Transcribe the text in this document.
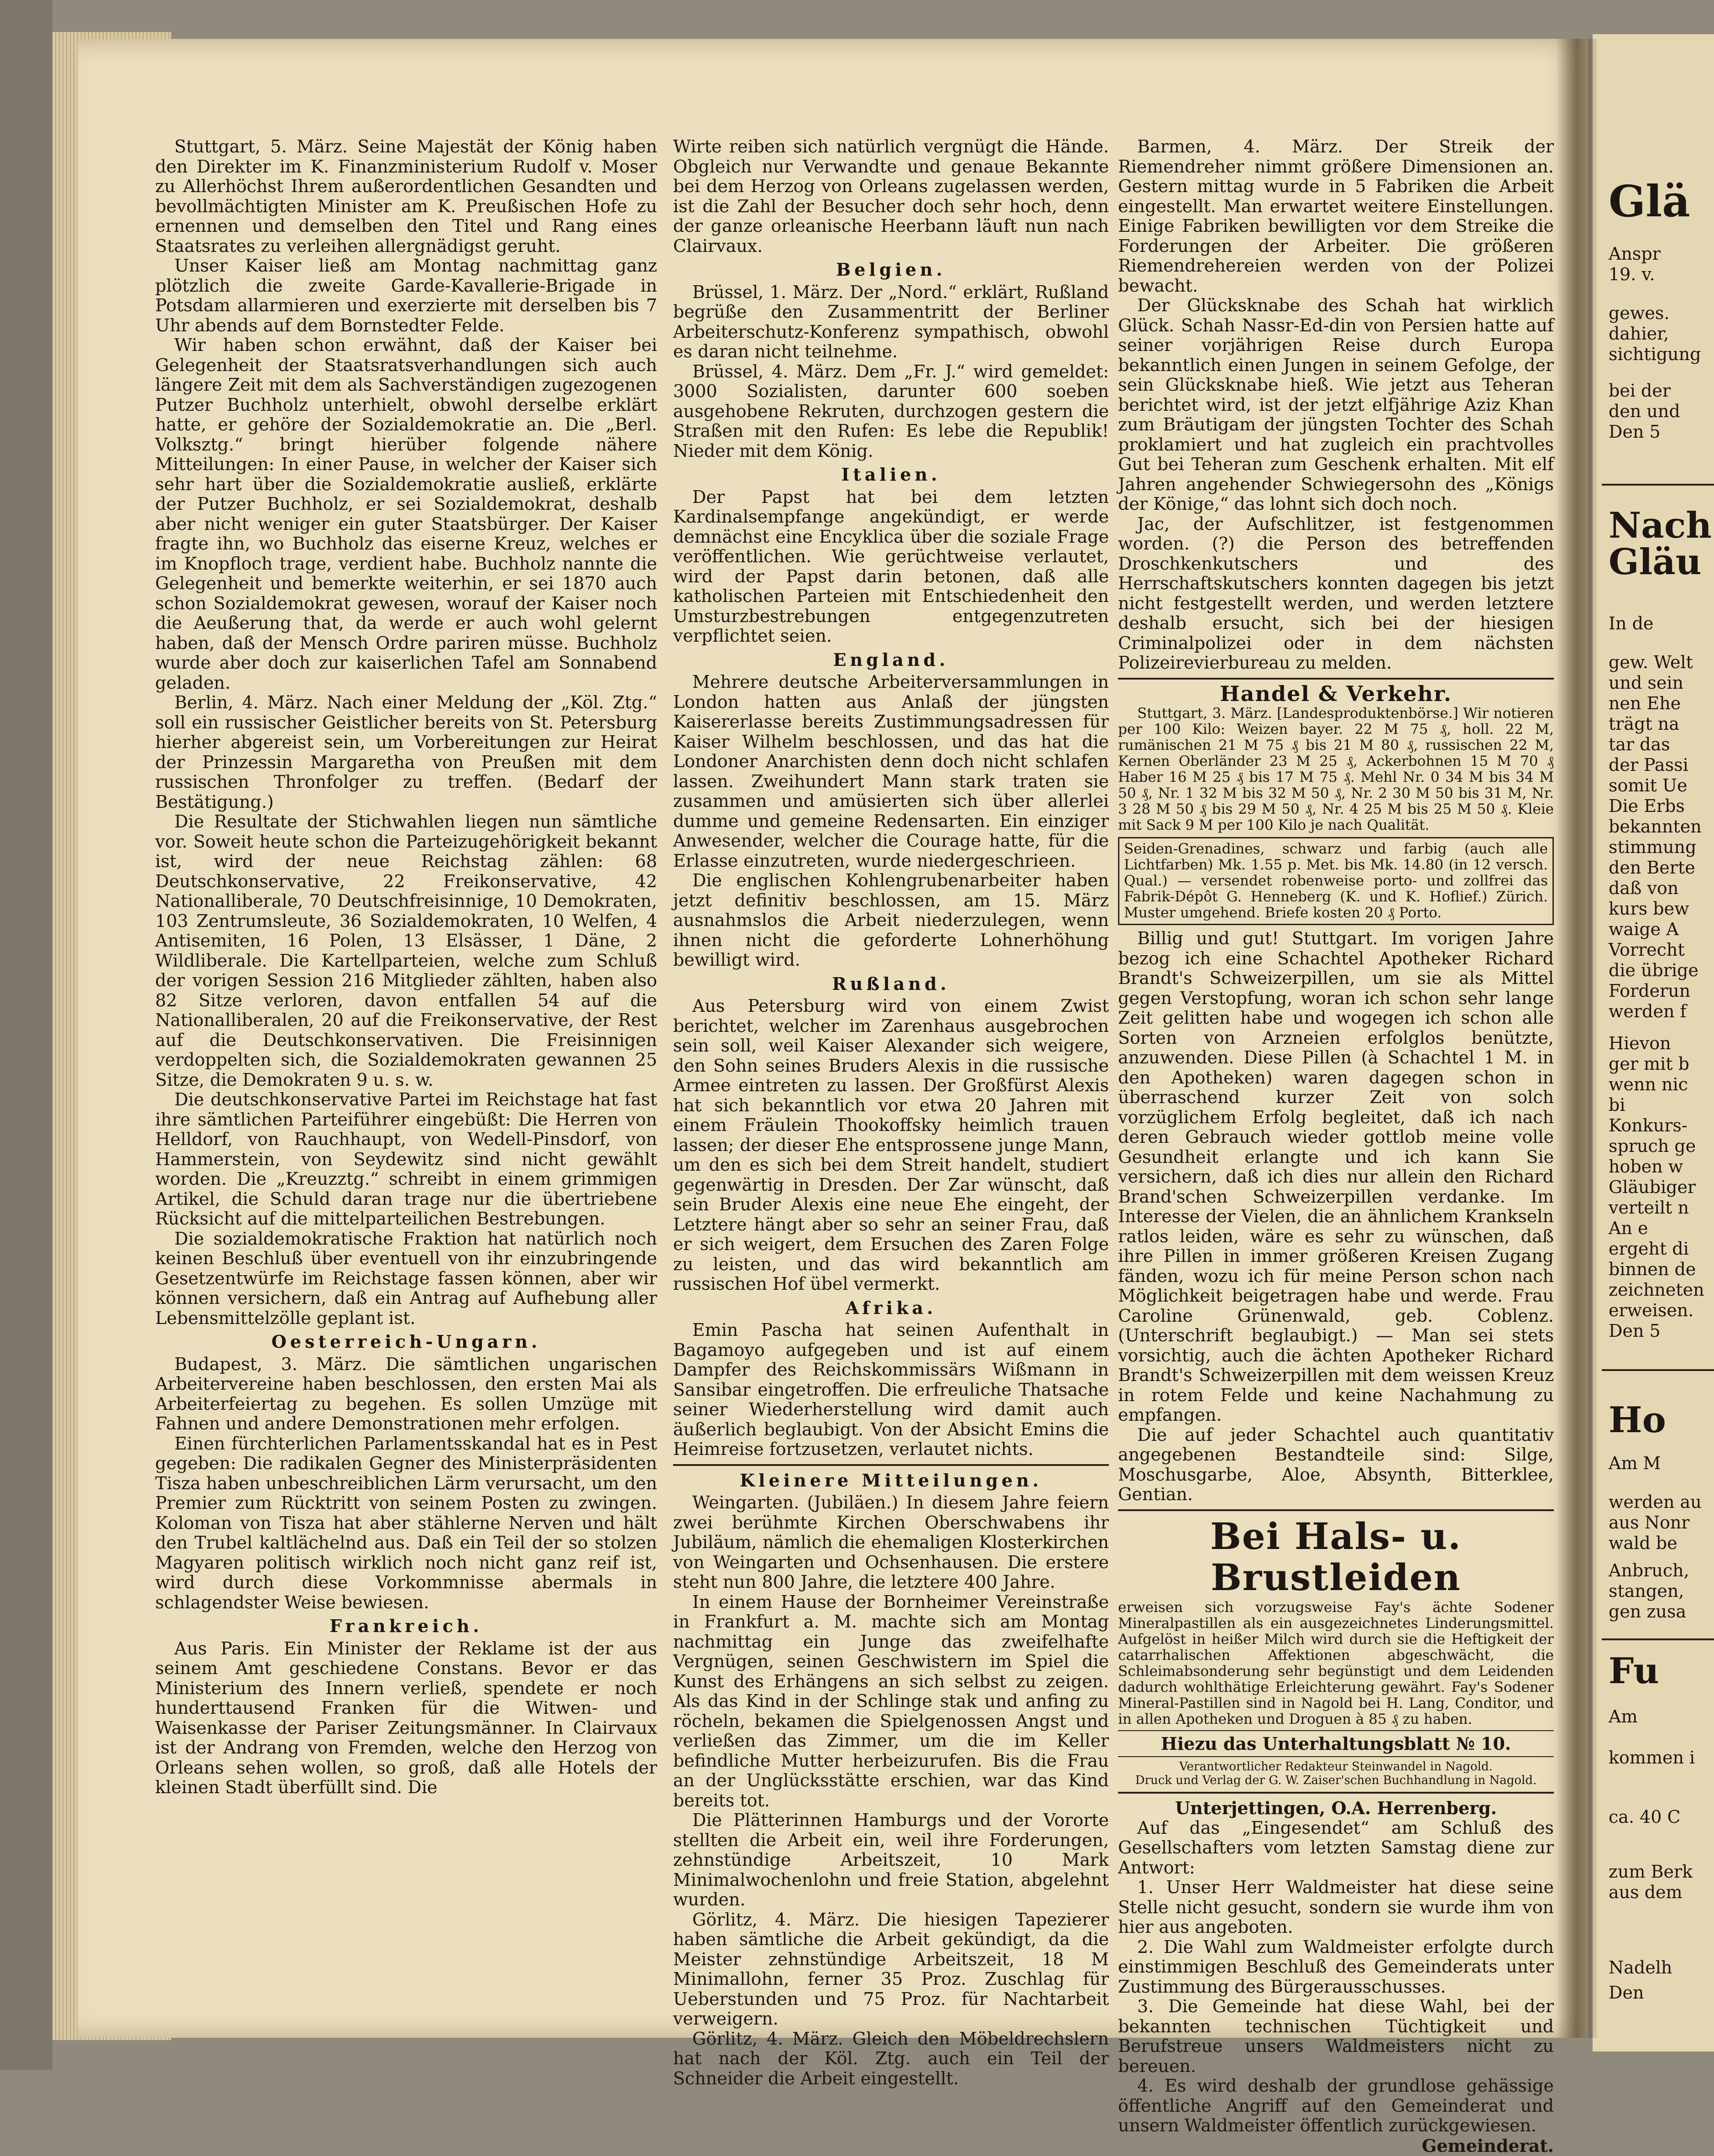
Stuttgart, 5. März. Seine Majestät der König haben den Direkter im K. Finanzministerium Rudolf v. Moser zu Allerhöchst Ihrem außerordentlichen Gesandten und bevollmächtigten Minister am K. Preußischen Hofe zu ernennen und demselben den Titel und Rang eines Staatsrates zu verleihen allergnädigst geruht.

Unser Kaiser ließ am Montag nachmittag ganz plötzlich die zweite Garde-Kavallerie-Brigade in Potsdam allarmieren und exerzierte mit derselben bis 7 Uhr abends auf dem Bornstedter Felde.

Wir haben schon erwähnt, daß der Kaiser bei Gelegenheit der Staatsratsverhandlungen sich auch längere Zeit mit dem als Sachverständigen zugezogenen Putzer Buchholz unterhielt, obwohl derselbe erklärt hatte, er gehöre der Sozialdemokratie an. Die „Berl. Volksztg.“ bringt hierüber folgende nähere Mitteilungen: In einer Pause, in welcher der Kaiser sich sehr hart über die Sozialdemokratie ausließ, erklärte der Putzer Buchholz, er sei Sozialdemokrat, deshalb aber nicht weniger ein guter Staatsbürger. Der Kaiser fragte ihn, wo Buchholz das eiserne Kreuz, welches er im Knopfloch trage, verdient habe. Buchholz nannte die Gelegenheit und bemerkte weiterhin, er sei 1870 auch schon Sozialdemokrat gewesen, worauf der Kaiser noch die Aeußerung that, da werde er auch wohl gelernt haben, daß der Mensch Ordre pariren müsse. Buchholz wurde aber doch zur kaiserlichen Tafel am Sonnabend geladen.

Berlin, 4. März. Nach einer Meldung der „Köl. Ztg.“ soll ein russischer Geistlicher bereits von St. Petersburg hierher abgereist sein, um Vorbereitungen zur Heirat der Prinzessin Margaretha von Preußen mit dem russischen Thronfolger zu treffen. (Bedarf der Bestätigung.)

Die Resultate der Stichwahlen liegen nun sämtliche vor. Soweit heute schon die Parteizugehörigkeit bekannt ist, wird der neue Reichstag zählen: 68 Deutschkonservative, 22 Freikonservative, 42 Nationalliberale, 70 Deutschfreisinnige, 10 Demokraten, 103 Zentrumsleute, 36 Sozialdemokraten, 10 Welfen, 4 Antisemiten, 16 Polen, 13 Elsässer, 1 Däne, 2 Wildliberale. Die Kartellparteien, welche zum Schluß der vorigen Session 216 Mitglieder zählten, haben also 82 Sitze verloren, davon entfallen 54 auf die Nationalliberalen, 20 auf die Freikonservative, der Rest auf die Deutschkonservativen. Die Freisinnigen verdoppelten sich, die Sozialdemokraten gewannen 25 Sitze, die Demokraten 9 u. s. w.

Die deutschkonservative Partei im Reichstage hat fast ihre sämtlichen Parteiführer eingebüßt: Die Herren von Helldorf, von Rauchhaupt, von Wedell-Pinsdorf, von Hammerstein, von Seydewitz sind nicht gewählt worden. Die „Kreuzztg.“ schreibt in einem grimmigen Artikel, die Schuld daran trage nur die übertriebene Rücksicht auf die mittelparteilichen Bestrebungen.

Die sozialdemokratische Fraktion hat natürlich noch keinen Beschluß über eventuell von ihr einzubringende Gesetzentwürfe im Reichstage fassen können, aber wir können versichern, daß ein Antrag auf Aufhebung aller Lebensmittelzölle geplant ist.

Oesterreich-Ungarn.

Budapest, 3. März. Die sämtlichen ungarischen Arbeitervereine haben beschlossen, den ersten Mai als Arbeiterfeiertag zu begehen. Es sollen Umzüge mit Fahnen und andere Demonstrationen mehr erfolgen.

Einen fürchterlichen Parlamentsskandal hat es in Pest gegeben: Die radikalen Gegner des Ministerpräsidenten Tisza haben unbeschreiblichen Lärm verursacht, um den Premier zum Rücktritt von seinem Posten zu zwingen. Koloman von Tisza hat aber stählerne Nerven und hält den Trubel kaltlächelnd aus. Daß ein Teil der so stolzen Magyaren politisch wirklich noch nicht ganz reif ist, wird durch diese Vorkommnisse abermals in schlagendster Weise bewiesen.

Frankreich.

Aus Paris. Ein Minister der Reklame ist der aus seinem Amt geschiedene Constans. Bevor er das Ministerium des Innern verließ, spendete er noch hunderttausend Franken für die Witwen- und Waisenkasse der Pariser Zeitungsmänner. In Clairvaux ist der Andrang von Fremden, welche den Herzog von Orleans sehen wollen, so groß, daß alle Hotels der kleinen Stadt überfüllt sind. Die

Wirte reiben sich natürlich vergnügt die Hände. Obgleich nur Verwandte und genaue Bekannte bei dem Herzog von Orleans zugelassen werden, ist die Zahl der Besucher doch sehr hoch, denn der ganze orleanische Heerbann läuft nun nach Clairvaux.

Belgien.

Brüssel, 1. März. Der „Nord.“ erklärt, Rußland begrüße den Zusammentritt der Berliner Arbeiterschutz-Konferenz sympathisch, obwohl es daran nicht teilnehme.

Brüssel, 4. März. Dem „Fr. J.“ wird gemeldet: 3000 Sozialisten, darunter 600 soeben ausgehobene Rekruten, durchzogen gestern die Straßen mit den Rufen: Es lebe die Republik! Nieder mit dem König.

Italien.

Der Papst hat bei dem letzten Kardinalsempfange angekündigt, er werde demnächst eine Encyklica über die soziale Frage veröffentlichen. Wie gerüchtweise verlautet, wird der Papst darin betonen, daß alle katholischen Parteien mit Entschiedenheit den Umsturzbestrebungen entgegenzutreten verpflichtet seien.

England.

Mehrere deutsche Arbeiterversammlungen in London hatten aus Anlaß der jüngsten Kaisererlasse bereits Zustimmungsadressen für Kaiser Wilhelm beschlossen, und das hat die Londoner Anarchisten denn doch nicht schlafen lassen. Zweihundert Mann stark traten sie zusammen und amüsierten sich über allerlei dumme und gemeine Redensarten. Ein einziger Anwesender, welcher die Courage hatte, für die Erlasse einzutreten, wurde niedergeschrieen.

Die englischen Kohlengrubenarbeiter haben jetzt definitiv beschlossen, am 15. März ausnahmslos die Arbeit niederzulegen, wenn ihnen nicht die geforderte Lohnerhöhung bewilligt wird.

Rußland.

Aus Petersburg wird von einem Zwist berichtet, welcher im Zarenhaus ausgebrochen sein soll, weil Kaiser Alexander sich weigere, den Sohn seines Bruders Alexis in die russische Armee eintreten zu lassen. Der Großfürst Alexis hat sich bekanntlich vor etwa 20 Jahren mit einem Fräulein Thookoffsky heimlich trauen lassen; der dieser Ehe entsprossene junge Mann, um den es sich bei dem Streit handelt, studiert gegenwärtig in Dresden. Der Zar wünscht, daß sein Bruder Alexis eine neue Ehe eingeht, der Letztere hängt aber so sehr an seiner Frau, daß er sich weigert, dem Ersuchen des Zaren Folge zu leisten, und das wird bekanntlich am russischen Hof übel vermerkt.

Afrika.

Emin Pascha hat seinen Aufenthalt in Bagamoyo aufgegeben und ist auf einem Dampfer des Reichskommissärs Wißmann in Sansibar eingetroffen. Die erfreuliche Thatsache seiner Wiederherstellung wird damit auch äußerlich beglaubigt. Von der Absicht Emins die Heimreise fortzusetzen, verlautet nichts.

Kleinere Mitteilungen.

Weingarten. (Jubiläen.) In diesem Jahre feiern zwei berühmte Kirchen Oberschwabens ihr Jubiläum, nämlich die ehemaligen Klosterkirchen von Weingarten und Ochsenhausen. Die erstere steht nun 800 Jahre, die letztere 400 Jahre.

In einem Hause der Bornheimer Vereinstraße in Frankfurt a. M. machte sich am Montag nachmittag ein Junge das zweifelhafte Vergnügen, seinen Geschwistern im Spiel die Kunst des Erhängens an sich selbst zu zeigen. Als das Kind in der Schlinge stak und anfing zu röcheln, bekamen die Spielgenossen Angst und verließen das Zimmer, um die im Keller befindliche Mutter herbeizurufen. Bis die Frau an der Unglücksstätte erschien, war das Kind bereits tot.

Die Plätterinnen Hamburgs und der Vororte stellten die Arbeit ein, weil ihre Forderungen, zehnstündige Arbeitszeit, 10 Mark Minimalwochenlohn und freie Station, abgelehnt wurden.

Görlitz, 4. März. Die hiesigen Tapezierer haben sämtliche die Arbeit gekündigt, da die Meister zehnstündige Arbeitszeit, 18 M Minimallohn, ferner 35 Proz. Zuschlag für Ueberstunden und 75 Proz. für Nachtarbeit verweigern.

Görlitz, 4. März. Gleich den Möbeldrechslern hat nach der Köl. Ztg. auch ein Teil der Schneider die Arbeit eingestellt.

Barmen, 4. März. Der Streik der Riemendreher nimmt größere Dimensionen an. Gestern mittag wurde in 5 Fabriken die Arbeit eingestellt. Man erwartet weitere Einstellungen. Einige Fabriken bewilligten vor dem Streike die Forderungen der Arbeiter. Die größeren Riemendrehereien werden von der Polizei bewacht.

Der Glücksknabe des Schah hat wirklich Glück. Schah Nassr-Ed-din von Persien hatte auf seiner vorjährigen Reise durch Europa bekanntlich einen Jungen in seinem Gefolge, der sein Glücksknabe hieß. Wie jetzt aus Teheran berichtet wird, ist der jetzt elfjährige Aziz Khan zum Bräutigam der jüngsten Tochter des Schah proklamiert und hat zugleich ein prachtvolles Gut bei Teheran zum Geschenk erhalten. Mit elf Jahren angehender Schwiegersohn des „Königs der Könige,“ das lohnt sich doch noch.

Jac, der Aufschlitzer, ist festgenommen worden. (?) die Person des betreffenden Droschkenkutschers und des Herrschaftskutschers konnten dagegen bis jetzt nicht festgestellt werden, und werden letztere deshalb ersucht, sich bei der hiesigen Criminalpolizei oder in dem nächsten Polizeirevierbureau zu melden.

Handel & Verkehr.

Stuttgart, 3. März. [Landesproduktenbörse.] Wir notieren per 100 Kilo: Weizen bayer. 22 M 75 ₰, holl. 22 M, rumänischen 21 M 75 ₰ bis 21 M 80 ₰, russischen 22 M, Kernen Oberländer 23 M 25 ₰, Ackerbohnen 15 M 70 ₰ Haber 16 M 25 ₰ bis 17 M 75 ₰. Mehl Nr. 0 34 M bis 34 M 50 ₰, Nr. 1 32 M bis 32 M 50 ₰, Nr. 2 30 M 50 bis 31 M, Nr. 3 28 M 50 ₰ bis 29 M 50 ₰, Nr. 4 25 M bis 25 M 50 ₰. Kleie mit Sack 9 M per 100 Kilo je nach Qualität.

Seiden-Grenadines, schwarz und farbig (auch alle Lichtfarben) Mk. 1.55 p. Met. bis Mk. 14.80 (in 12 versch. Qual.) — versendet robenweise porto- und zollfrei das Fabrik-Dépôt G. Henneberg (K. und K. Hoflief.) Zürich. Muster umgehend. Briefe kosten 20 ₰ Porto.

Billig und gut! Stuttgart. Im vorigen Jahre bezog ich eine Schachtel Apotheker Richard Brandt's Schweizerpillen, um sie als Mittel gegen Verstopfung, woran ich schon sehr lange Zeit gelitten habe und wogegen ich schon alle Sorten von Arzneien erfolglos benützte, anzuwenden. Diese Pillen (à Schachtel 1 M. in den Apotheken) waren dagegen schon in überraschend kurzer Zeit von solch vorzüglichem Erfolg begleitet, daß ich nach deren Gebrauch wieder gottlob meine volle Gesundheit erlangte und ich kann Sie versichern, daß ich dies nur allein den Richard Brand'schen Schweizerpillen verdanke. Im Interesse der Vielen, die an ähnlichem Krankseln ratlos leiden, wäre es sehr zu wünschen, daß ihre Pillen in immer größeren Kreisen Zugang fänden, wozu ich für meine Person schon nach Möglichkeit beigetragen habe und werde. Frau Caroline Grünenwald, geb. Coblenz. (Unterschrift beglaubigt.) — Man sei stets vorsichtig, auch die ächten Apotheker Richard Brandt's Schweizerpillen mit dem weissen Kreuz in rotem Felde und keine Nachahmung zu empfangen.

Die auf jeder Schachtel auch quantitativ angegebenen Bestandteile sind: Silge, Moschusgarbe, Aloe, Absynth, Bitterklee, Gentian.

Bei Hals- u. Brustleiden

erweisen sich vorzugsweise Fay's ächte Sodener Mineralpastillen als ein ausgezeichnetes Linderungsmittel. Aufgelöst in heißer Milch wird durch sie die Heftigkeit der catarrhalischen Affektionen abgeschwächt, die Schleimabsonderung sehr begünstigt und dem Leidenden dadurch wohlthätige Erleichterung gewährt. Fay's Sodener Mineral-Pastillen sind in Nagold bei H. Lang, Conditor, und in allen Apotheken und Droguen à 85 ₰ zu haben.

Hiezu das Unterhaltungsblatt № 10.

Verantwortlicher Redakteur Steinwandel in Nagold.

Druck und Verlag der G. W. Zaiser'schen Buchhandlung in Nagold.

Unterjettingen, O.A. Herrenberg.

Auf das „Eingesendet“ am Schluß des Gesellschafters vom letzten Samstag diene zur Antwort:

1. Unser Herr Waldmeister hat diese seine Stelle nicht gesucht, sondern sie wurde ihm von hier aus angeboten.

2. Die Wahl zum Waldmeister erfolgte durch einstimmigen Beschluß des Gemeinderats unter Zustimmung des Bürgerausschusses.

3. Die Gemeinde hat diese Wahl, bei der bekannten technischen Tüchtigkeit und Berufstreue unsers Waldmeisters nicht zu bereuen.

4. Es wird deshalb der grundlose gehässige öffentliche Angriff auf den Gemeinderat und unsern Waldmeister öffentlich zurückgewiesen.

Gemeinderat.

Glä
Anspr
19. v.
gewes.
dahier,
sichtigung
bei der
den und
Den 5
Nach
Gläu
In de
gew. Welt
und sein
nen Ehe
trägt na
tar das
der Passi
somit Ue
Die Erbs
bekannten
stimmung
den Berte
daß von
kurs bew
waige A
Vorrecht
die übrige
Forderun
werden f
Hievon
ger mit b
wenn nic
bi
Konkurs-
spruch ge
hoben w
Gläubiger
verteilt n
An e
ergeht di
binnen de
zeichneten
erweisen.
Den 5
Ho
Am M
werden au
aus Nonr
wald be
Anbruch,
stangen,
gen zusa
Fu
Am
kommen i
ca. 40 C
zum Berk
aus dem
Nadelh
Den
